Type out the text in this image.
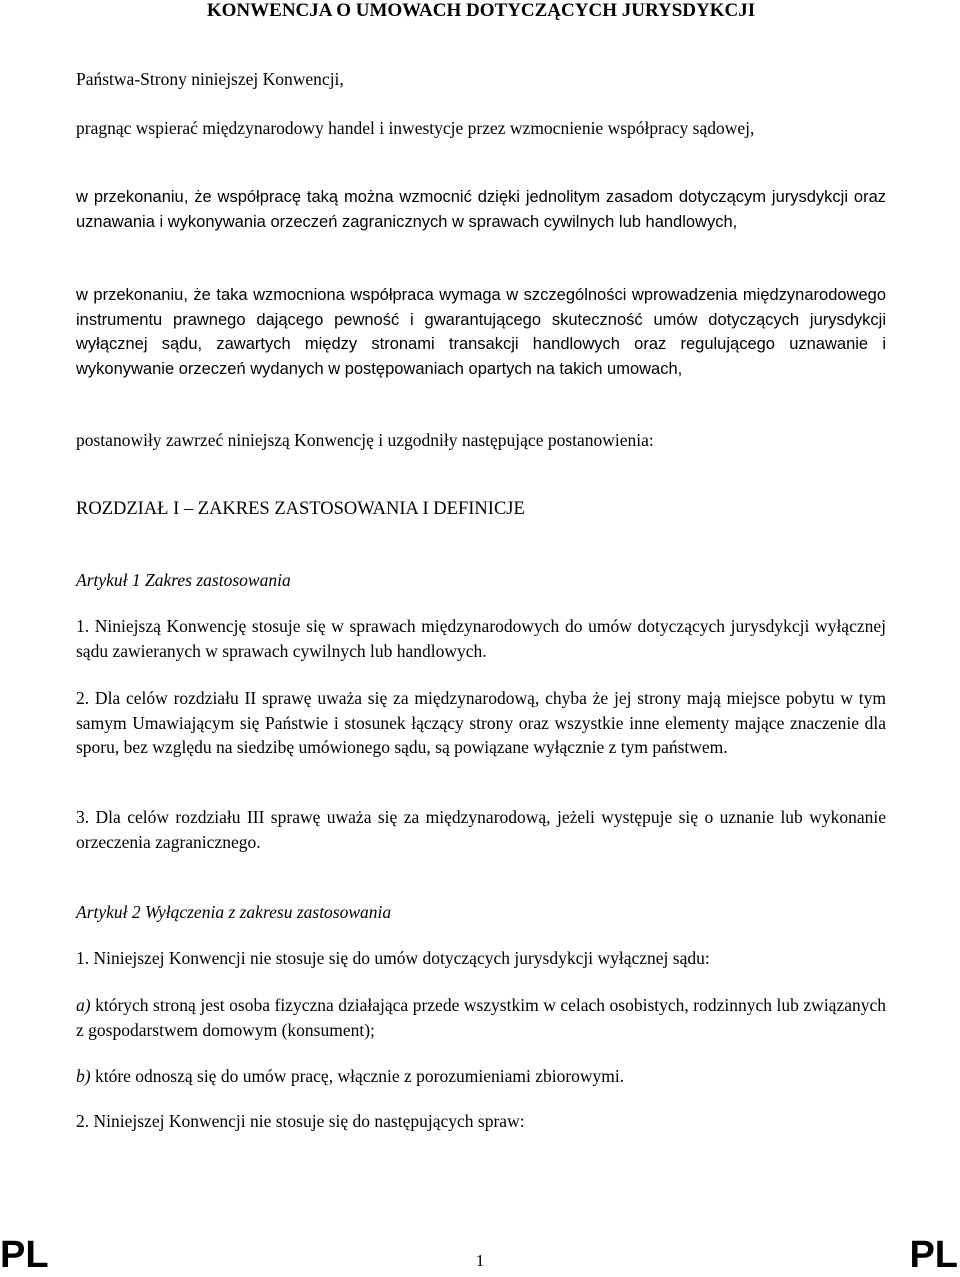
KONWENCJA O UMOWACH DOTYCZĄCYCH JURYSDYKCJI

Państwa-Strony niniejszej Konwencji,

pragnąc wspierać międzynarodowy handel i inwestycje przez wzmocnienie współpracy sądowej,

w przekonaniu, że współpracę taką można wzmocnić dzięki jednolitym zasadom dotyczącym jurysdykcji oraz uznawania i wykonywania orzeczeń zagranicznych w sprawach cywilnych lub handlowych,

w przekonaniu, że taka wzmocniona współpraca wymaga w szczególności wprowadzenia międzynarodowego instrumentu prawnego dającego pewność i gwarantującego skuteczność umów dotyczących jurysdykcji wyłącznej sądu, zawartych między stronami transakcji handlowych oraz regulującego uznawanie i wykonywanie orzeczeń wydanych w postępowaniach opartych na takich umowach,

postanowiły zawrzeć niniejszą Konwencję i uzgodniły następujące postanowienia:

ROZDZIAŁ I – ZAKRES ZASTOSOWANIA I DEFINICJE

Artykuł 1 Zakres zastosowania

1. Niniejszą Konwencję stosuje się w sprawach międzynarodowych do umów dotyczących jurysdykcji wyłącznej sądu zawieranych w sprawach cywilnych lub handlowych.

2. Dla celów rozdziału II sprawę uważa się za międzynarodową, chyba że jej strony mają miejsce pobytu w tym samym Umawiającym się Państwie i stosunek łączący strony oraz wszystkie inne elementy mające znaczenie dla sporu, bez względu na siedzibę umówionego sądu, są powiązane wyłącznie z tym państwem.

3. Dla celów rozdziału III sprawę uważa się za międzynarodową, jeżeli występuje się o uznanie lub wykonanie orzeczenia zagranicznego.

Artykuł 2 Wyłączenia z zakresu zastosowania

1. Niniejszej Konwencji nie stosuje się do umów dotyczących jurysdykcji wyłącznej sądu:

a) których stroną jest osoba fizyczna działająca przede wszystkim w celach osobistych, rodzinnych lub związanych z gospodarstwem domowym (konsument);

b) które odnoszą się do umów pracę, włącznie z porozumieniami zbiorowymi.

2. Niniejszej Konwencji nie stosuje się do następujących spraw:

PL	1	PL
